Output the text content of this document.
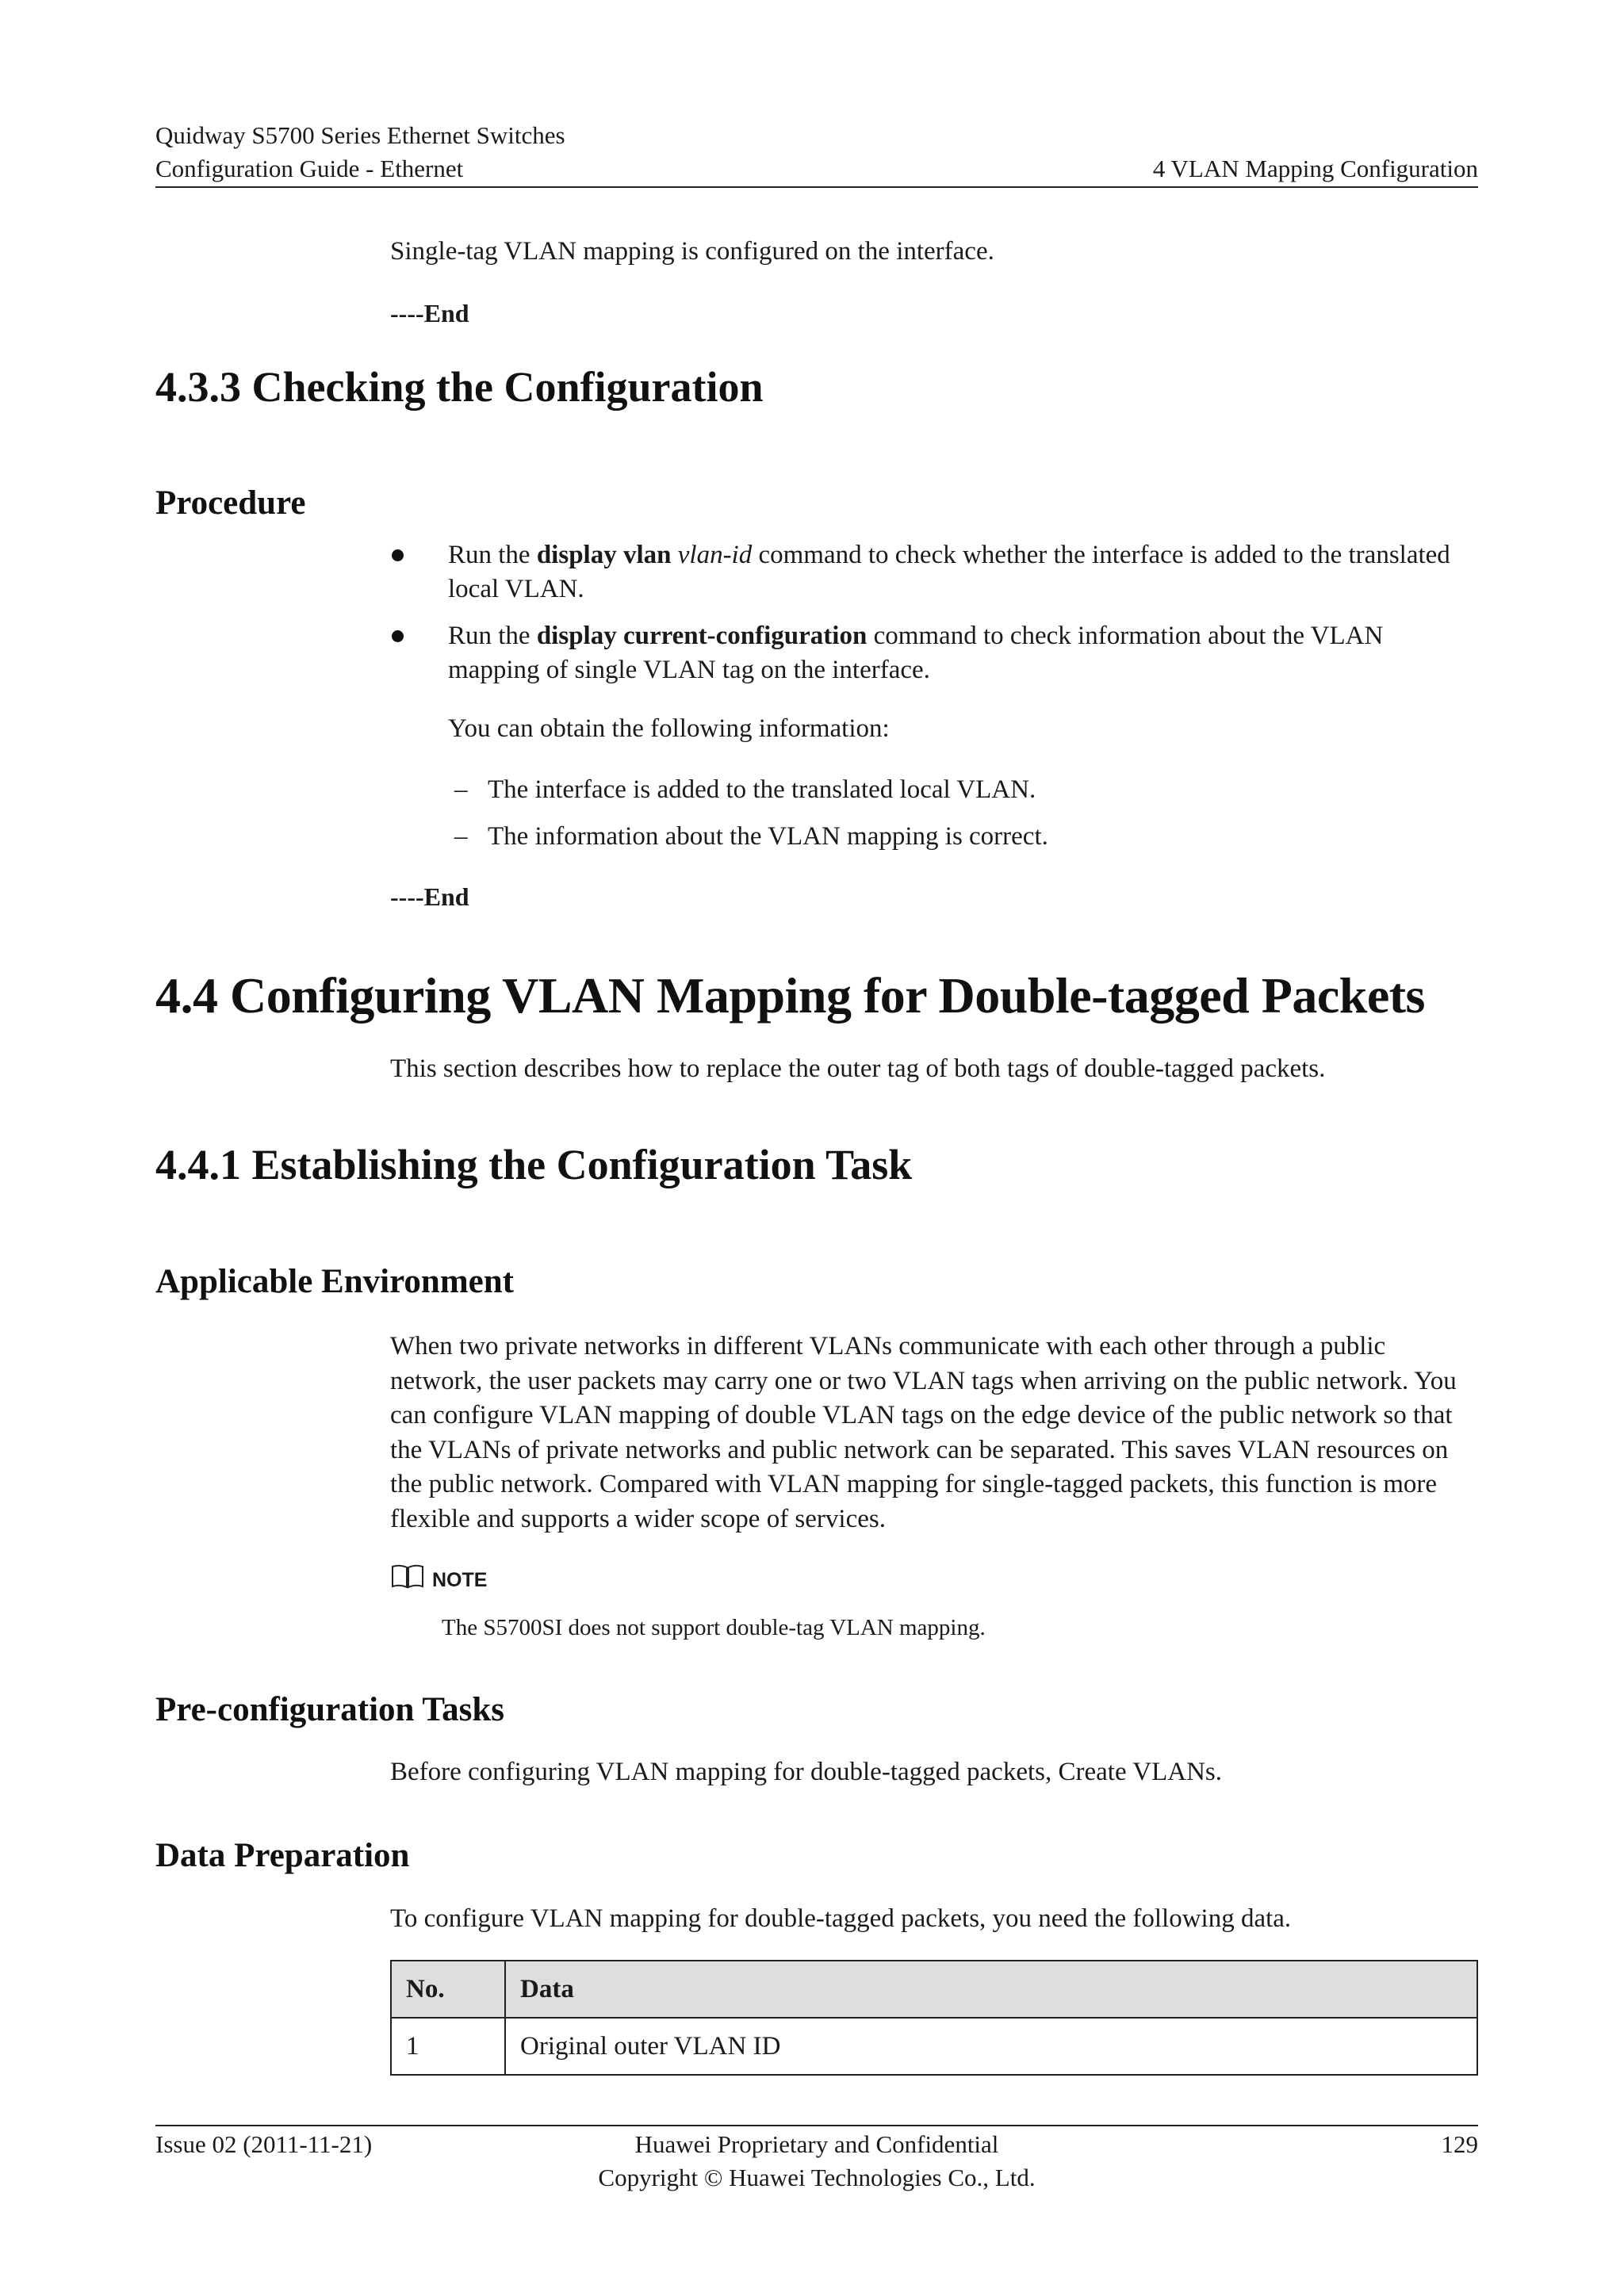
Quidway S5700 Series Ethernet Switches
Configuration Guide - Ethernet	4 VLAN Mapping Configuration

Single-tag VLAN mapping is configured on the interface.

----End

4.3.3 Checking the Configuration
Procedure

Run the display vlan vlan-id command to check whether the interface is added to the translated local VLAN.

Run the display current-configuration command to check information about the VLAN mapping of single VLAN tag on the interface.

You can obtain the following information:

– The interface is added to the translated local VLAN.

– The information about the VLAN mapping is correct.

----End

4.4 Configuring VLAN Mapping for Double-tagged Packets

This section describes how to replace the outer tag of both tags of double-tagged packets.

4.4.1 Establishing the Configuration Task
Applicable Environment

When two private networks in different VLANs communicate with each other through a public network, the user packets may carry one or two VLAN tags when arriving on the public network. You can configure VLAN mapping of double VLAN tags on the edge device of the public network so that the VLANs of private networks and public network can be separated. This saves VLAN resources on the public network. Compared with VLAN mapping for single-tagged packets, this function is more flexible and supports a wider scope of services.

NOTE

The S5700SI does not support double-tag VLAN mapping.

Pre-configuration Tasks

Before configuring VLAN mapping for double-tagged packets, Create VLANs.

Data Preparation

To configure VLAN mapping for double-tagged packets, you need the following data.

No.	Data
1	Original outer VLAN ID
Issue 02 (2011-11-21)	Huawei Proprietary and Confidential
Copyright © Huawei Technologies Co., Ltd.
129
